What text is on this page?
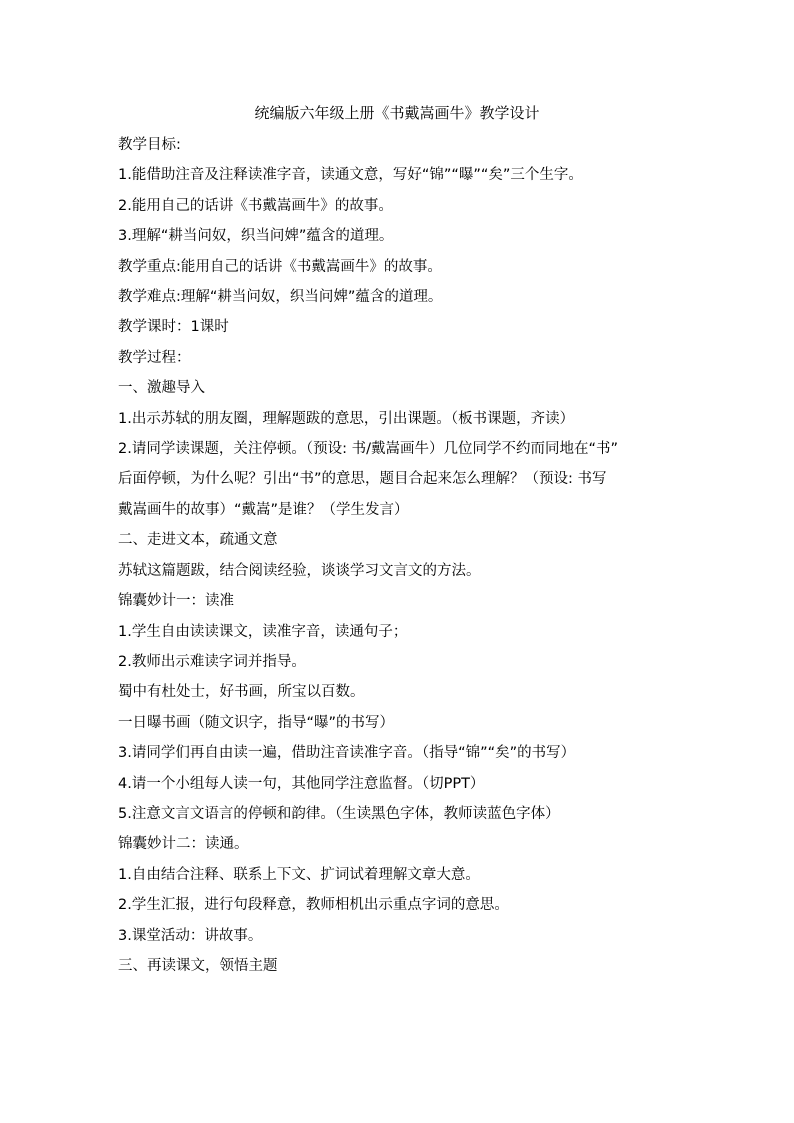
统编版六年级上册《书戴嵩画牛》教学设计
教学目标:
1.能借助注音及注释读准字音，读通文意，写好“锦”“曝”“矣”三个生字。
2.能用自己的话讲《书戴嵩画牛》的故事。
3.理解“耕当问奴，织当问婢”蕴含的道理。
教学重点:能用自己的话讲《书戴嵩画牛》的故事。
教学难点:理解“耕当问奴，织当问婢”蕴含的道理。
教学课时：1课时
教学过程：
一、激趣导入
1.出示苏轼的朋友圈，理解题跋的意思，引出课题。（板书课题，齐读）
2.请同学读课题，关注停顿。（预设: 书/戴嵩画牛）几位同学不约而同地在“书”
后面停顿，为什么呢？引出“书”的意思，题目合起来怎么理解？（预设: 书写
戴嵩画牛的故事）“戴嵩”是谁？（学生发言）
二、走进文本，疏通文意
苏轼这篇题跋，结合阅读经验，谈谈学习文言文的方法。
锦囊妙计一：读准
1.学生自由读读课文，读准字音，读通句子；
2.教师出示难读字词并指导。
蜀中有杜处士，好书画，所宝以百数。
一日曝书画（随文识字，指导“曝”的书写）
3.请同学们再自由读一遍，借助注音读准字音。（指导“锦”“矣”的书写）
4.请一个小组每人读一句，其他同学注意监督。（切PPT）
5.注意文言文语言的停顿和韵律。（生读黑色字体，教师读蓝色字体）
锦囊妙计二：读通。
1.自由结合注释、联系上下文、扩词试着理解文章大意。
2.学生汇报，进行句段释意，教师相机出示重点字词的意思。
3.课堂活动：讲故事。
三、再读课文，领悟主题
